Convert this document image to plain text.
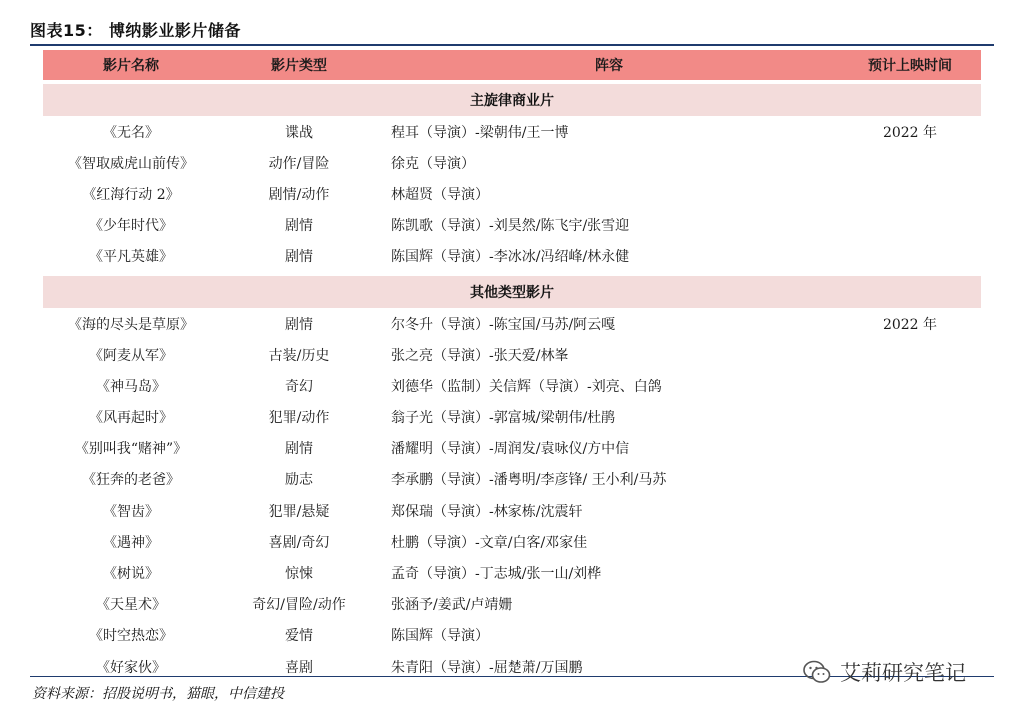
图表15： 博纳影业影片储备
影片名称	影片类型	阵容	预计上映时间
主旋律商业片
《无名》	谍战	程耳（导演）-梁朝伟/王一博	2022 年
《智取威虎山前传》	动作/冒险	徐克（导演）
《红海行动 2》	剧情/动作	林超贤（导演）
《少年时代》	剧情	陈凯歌（导演）-刘昊然/陈飞宇/张雪迎
《平凡英雄》	剧情	陈国辉（导演）-李冰冰/冯绍峰/林永健
其他类型影片
《海的尽头是草原》	剧情	尔冬升（导演）-陈宝国/马苏/阿云嘎	2022 年
《阿麦从军》	古装/历史	张之亮（导演）-张天爱/林峯
《神马岛》	奇幻	刘德华（监制）关信辉（导演）-刘亮、白鸽
《风再起时》	犯罪/动作	翁子光（导演）-郭富城/梁朝伟/杜鹃
《别叫我“赌神”》	剧情	潘耀明（导演）-周润发/袁咏仪/方中信
《狂奔的老爸》	励志	李承鹏（导演）-潘粤明/李彦锋/ 王小利/马苏
《智齿》	犯罪/悬疑	郑保瑞（导演）-林家栋/沈震轩
《遇神》	喜剧/奇幻	杜鹏（导演）-文章/白客/邓家佳
《树说》	惊悚	孟奇（导演）-丁志城/张一山/刘桦
《天星术》	奇幻/冒险/动作	张涵予/姜武/卢靖姗
《时空热恋》	爱情	陈国辉（导演）
《好家伙》	喜剧	朱青阳（导演）-屈楚萧/万国鹏
资料来源：招股说明书，猫眼，中信建投
艾莉研究笔记
